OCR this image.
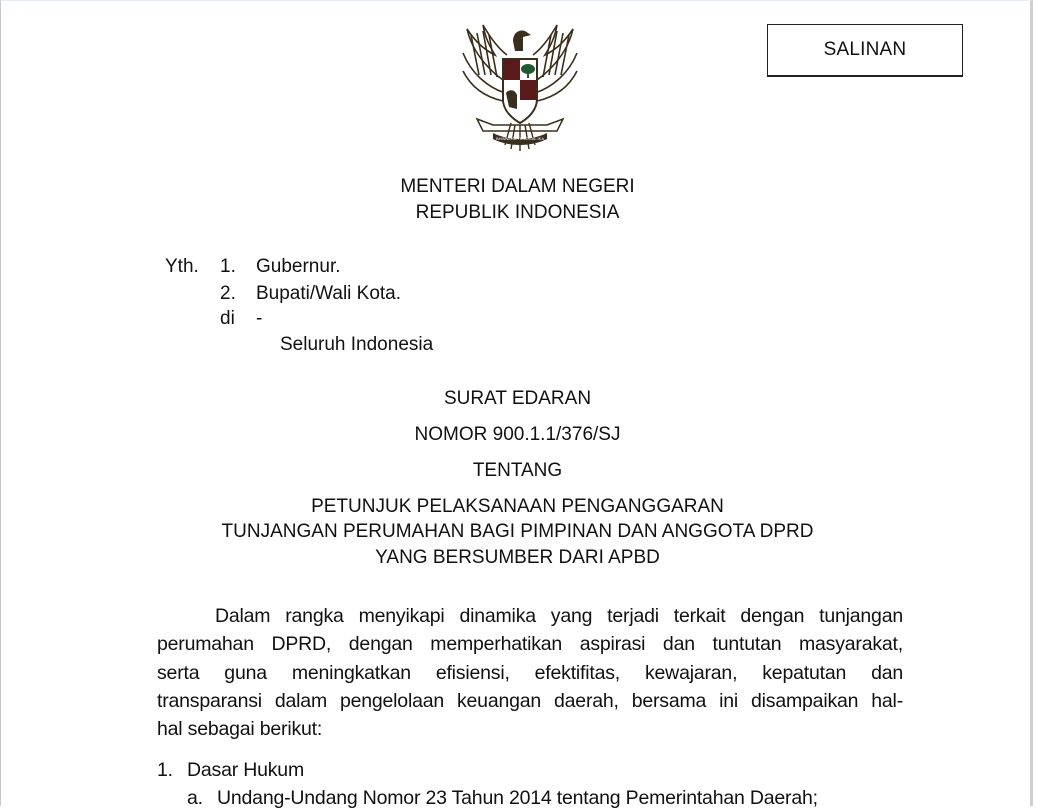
BHINNEKA TUNGGAL IKA
SALINAN
MENTERI DALAM NEGERI
REPUBLIK INDONESIA
Yth. 1. Gubernur.
2. Bupati/Wali Kota.
di -
Seluruh Indonesia
SURAT EDARAN
NOMOR 900.1.1/376/SJ
TENTANG
PETUNJUK PELAKSANAAN PENGANGGARAN
TUNJANGAN PERUMAHAN BAGI PIMPINAN DAN ANGGOTA DPRD
YANG BERSUMBER DARI APBD
Dalam rangka menyikapi dinamika yang terjadi terkait dengan tunjangan
perumahan DPRD, dengan memperhatikan aspirasi dan tuntutan masyarakat,
serta guna meningkatkan efisiensi, efektifitas, kewajaran, kepatutan dan
transparansi dalam pengelolaan keuangan daerah, bersama ini disampaikan hal-
hal sebagai berikut:
1. Dasar Hukum
a. Undang-Undang Nomor 23 Tahun 2014 tentang Pemerintahan Daerah;
